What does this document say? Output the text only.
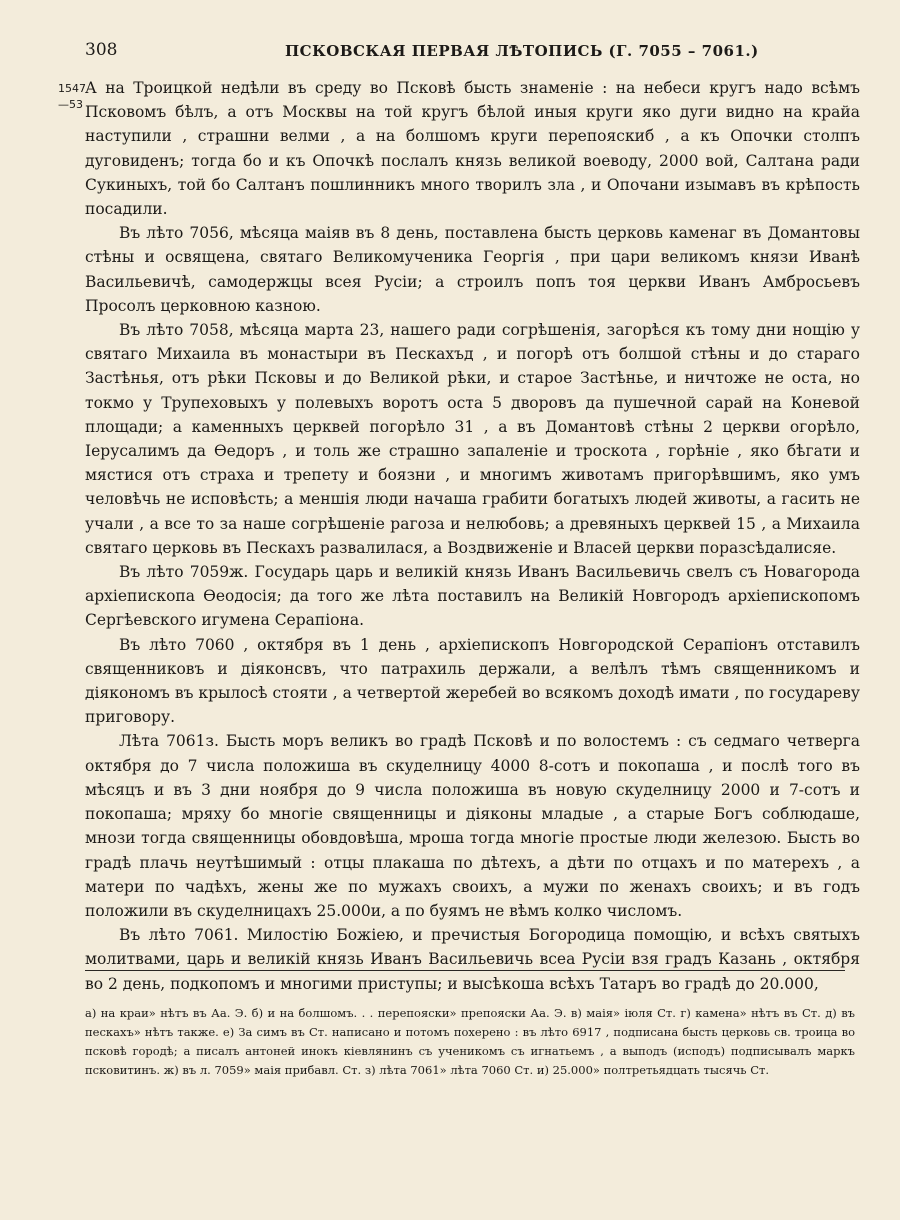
308	ПСКОВСКАЯ ПЕРВАЯ ЛѢТОПИСЬ (Г. 7055 – 7061.)
1547
—53

А на Троицкой недѣли въ среду во Псковѣ бысть знаменіе : на небеси кругъ надо всѣмъ Псковомъ бѣлъ, а отъ Москвы на той кругъ бѣлой иныя круги яко дуги видно на крайа наступили , страшни велми , а на болшомъ круги перепояскиб , а къ Опочки столпъ дуговиденъ; тогда бо и къ Опочкѣ послалъ князь великой воеводу, 2000 вой, Салтана ради Сукиныхъ, той бо Салтанъ пошлинникъ много творилъ зла , и Опочани изымавъ въ крѣпость посадили.

Въ лѣто 7056, мѣсяца маіяв въ 8 день, поставлена бысть церковь каменаг въ Домантовы стѣны и освящена, святаго Великомученика Георгія , при цари великомъ князи Иванѣ Васильевичѣ, самодержцы всея Русіи; а строилъ попъ тоя церкви Иванъ Амбросьевъ Просолъ церковною казною.

Въ лѣто 7058, мѣсяца марта 23, нашего ради согрѣшенія, загорѣся къ тому дни нощію у святаго Михаила въ монастыри въ Пескахъд , и погорѣ отъ болшой стѣны и до стараго Застѣнья, отъ рѣки Псковы и до Великой рѣки, и старое Застѣнье, и ничтоже не оста, но токмо у Трупеховыхъ у полевыхъ воротъ оста 5 дворовъ да пушечной сарай на Коневой площади; а каменныхъ церквей погорѣло 31 , а въ Домантовѣ стѣны 2 церкви огорѣло, Іерусалимъ да Ѳедоръ , и толь же страшно запаленіе и троскота , горѣніе , яко бѣгати и мястися отъ страха и трепету и боязни , и многимъ животамъ пригорѣвшимъ, яко умъ человѣчь не исповѣсть; а меншія люди начаша грабити богатыхъ людей животы, а гасить не учали , а все то за наше согрѣшеніе рагоза и нелюбовь; а древяныхъ церквей 15 , а Михаила святаго церковь въ Пескахъ развалилася, а Воздвиженіе и Власей церкви поразсѣдалисяе.

Въ лѣто 7059ж. Государь царь и великій князь Иванъ Васильевичь свелъ съ Новагорода архіепископа Ѳеодосія; да того же лѣта поставилъ на Великій Новгородъ архіепископомъ Сергѣевского игумена Серапіона.

Въ лѣто 7060 , октября въ 1 день , архіепископъ Новгородской Серапіонъ отставилъ священниковъ и діяконсвъ, что патрахиль держали, а велѣлъ тѣмъ священникомъ и діякономъ въ крылосѣ стояти , а четвертой жеребей во всякомъ доходѣ имати , по государеву приговору.

Лѣта 7061з. Бысть моръ великъ во градѣ Псковѣ и по волостемъ : съ седмаго четверга октября до 7 числа положиша въ скуделницу 4000 8-сотъ и покопаша , и послѣ того въ мѣсяцъ и въ 3 дни ноября до 9 числа положиша въ новую скуделницу 2000 и 7-сотъ и покопаша; мряху бо многіе священницы и діяконы младые , а старые Богъ соблюдаше, мнози тогда священницы обовдовѣша, мроша тогда многіе простые люди железою. Бысть во градѣ плачь неутѣшимый : отцы плакаша по дѣтехъ, а дѣти по отцахъ и по матерехъ , а матери по чадѣхъ, жены же по мужахъ своихъ, а мужи по женахъ своихъ; и въ годъ положили въ скуделницахъ 25.000и, а по буямъ не вѣмъ колко числомъ.

Въ лѣто 7061. Милостію Божіею, и пречистыя Богородица помощію, и всѣхъ святыхъ молитвами, царь и великій князь Иванъ Васильевичь всеа Русіи взя градъ Казань , октября во 2 день, подкопомъ и многими приступы; и высѣкоша всѣхъ Татаръ во градѣ до 20.000,

а) на краи» нѣтъ въ Аа. Э. б) и на болшомъ. . . перепояски» препояски Аа. Э. в) маія» іюля Ст. г) камена» нѣтъ въ Ст. д) въ пескахъ» нѣтъ также. е) За симъ въ Ст. написано и потомъ похерено : въ лѣто 6917 , подписана бысть церковь св. троица во псковѣ городѣ; а писалъ антоней инокъ кіевлянинъ съ ученикомъ съ игнатьемъ , а выподъ (исподъ) подписывалъ маркъ псковитинъ. ж) въ л. 7059» маія прибавл. Ст. з) лѣта 7061» лѣта 7060 Ст. и) 25.000» полтретьядцать тысячь Ст.
